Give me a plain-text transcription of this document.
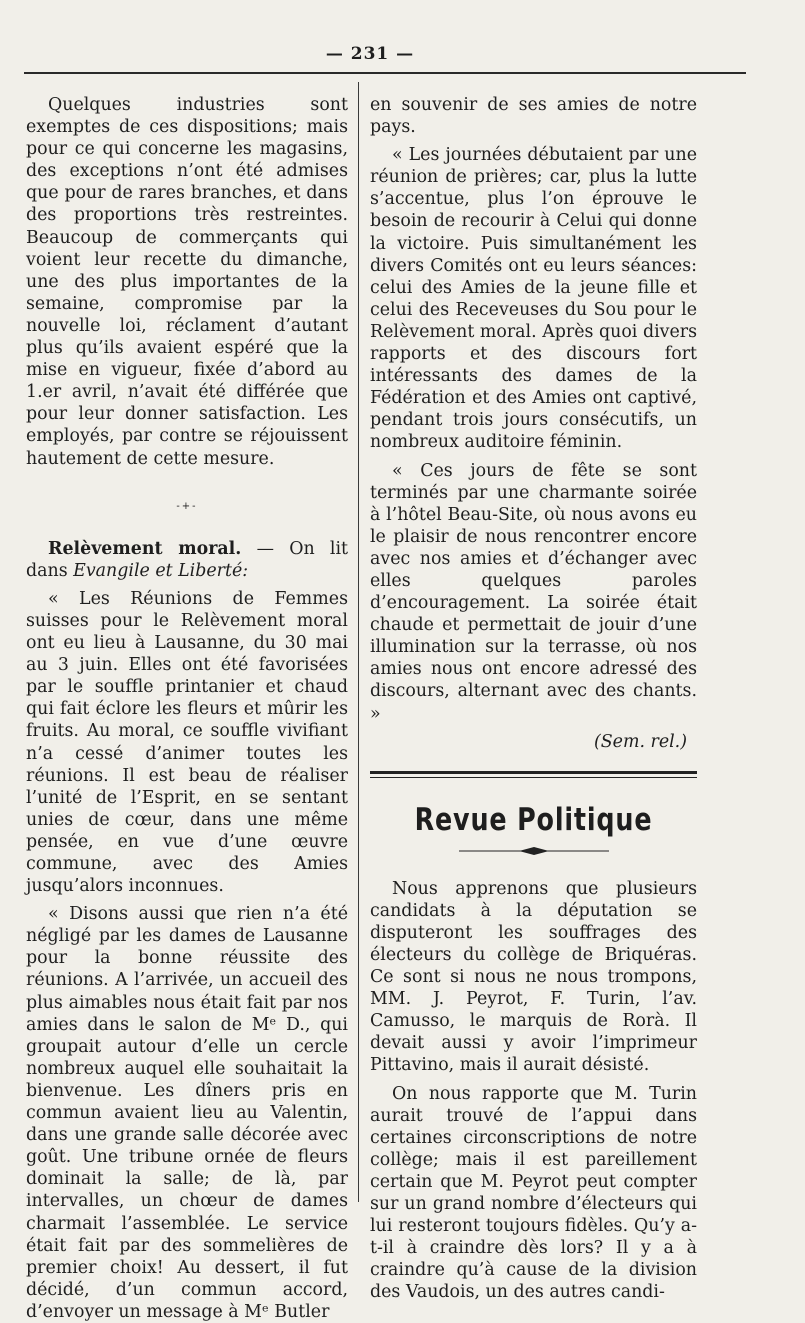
— 231 —

Quelques industries sont exemptes de ces dispositions; mais pour ce qui concerne les magasins, des exceptions n’ont été admises que pour de rares branches, et dans des proportions très restreintes. Beaucoup de commerçants qui voient leur recette du dimanche, une des plus importantes de la semaine, compromise par la nouvelle loi, réclament d’autant plus qu’ils avaient espéré que la mise en vigueur, fixée d’abord au 1.er avril, n’avait été différée que pour leur donner satisfaction. Les employés, par contre se réjouissent hautement de cette mesure.

-+-

Relèvement moral. — On lit dans Evangile et Liberté:

« Les Réunions de Femmes suisses pour le Relèvement moral ont eu lieu à Lausanne, du 30 mai au 3 juin. Elles ont été favorisées par le souffle printanier et chaud qui fait éclore les fleurs et mûrir les fruits. Au moral, ce souffle vivifiant n’a cessé d’animer toutes les réunions. Il est beau de réaliser l’unité de l’Esprit, en se sentant unies de cœur, dans une même pensée, en vue d’une œuvre commune, avec des Amies jusqu’alors inconnues.

« Disons aussi que rien n’a été négligé par les dames de Lausanne pour la bonne réussite des réunions. A l’arrivée, un accueil des plus aimables nous était fait par nos amies dans le salon de Mᵉ D., qui groupait autour d’elle un cercle nombreux auquel elle souhaitait la bienvenue. Les dîners pris en commun avaient lieu au Valentin, dans une grande salle décorée avec goût. Une tribune ornée de fleurs dominait la salle; de là, par intervalles, un chœur de dames charmait l’assemblée. Le service était fait par des sommelières de premier choix! Au dessert, il fut décidé, d’un commun accord, d’envoyer un message à Mᵉ Butler

en souvenir de ses amies de notre pays.

« Les journées débutaient par une réunion de prières; car, plus la lutte s’accentue, plus l’on éprouve le besoin de recourir à Celui qui donne la victoire. Puis simultanément les divers Comités ont eu leurs séances: celui des Amies de la jeune fille et celui des Receveuses du Sou pour le Relèvement moral. Après quoi divers rapports et des discours fort intéressants des dames de la Fédération et des Amies ont captivé, pendant trois jours consécutifs, un nombreux auditoire féminin.

« Ces jours de fête se sont terminés par une charmante soirée à l’hôtel Beau-Site, où nous avons eu le plaisir de nous rencontrer encore avec nos amies et d’échanger avec elles quelques paroles d’encouragement. La soirée était chaude et permettait de jouir d’une illumination sur la terrasse, où nos amies nous ont encore adressé des discours, alternant avec des chants. »

(Sem. rel.)

Revue Politique

Nous apprenons que plusieurs candidats à la députation se disputeront les souffrages des électeurs du collège de Briquéras. Ce sont si nous ne nous trompons, MM. J. Peyrot, F. Turin, l’av. Camusso, le marquis de Rorà. Il devait aussi y avoir l’imprimeur Pittavino, mais il aurait désisté.

On nous rapporte que M. Turin aurait trouvé de l’appui dans certaines circonscriptions de notre collège; mais il est pareillement certain que M. Peyrot peut compter sur un grand nombre d’électeurs qui lui resteront toujours fidèles. Qu’y a-t-il à craindre dès lors? Il y a à craindre qu’à cause de la division des Vaudois, un des autres candi-
